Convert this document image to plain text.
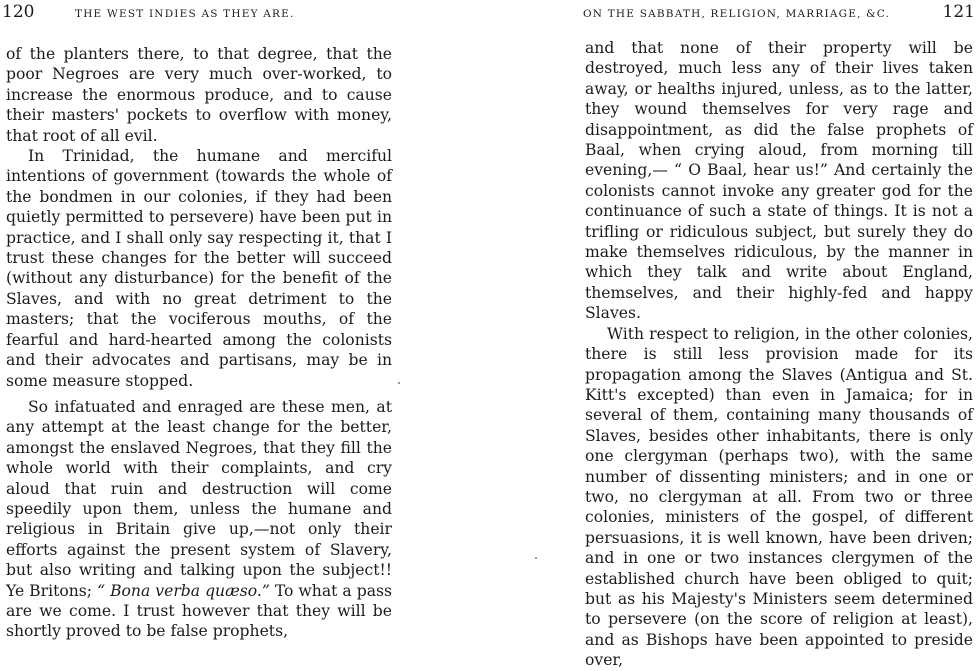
120	THE WEST INDIES AS THEY ARE.

of the planters there, to that degree, that the poor Negroes are very much over-worked, to increase the enormous produce, and to cause their masters' pockets to overflow with money, that root of all evil.

In Trinidad, the humane and merciful intentions of government (towards the whole of the bondmen in our colonies, if they had been quietly permitted to persevere) have been put in practice, and I shall only say respecting it, that I trust these changes for the better will succeed (without any disturbance) for the benefit of the Slaves, and with no great detriment to the masters; that the vociferous mouths, of the fearful and hard-hearted among the colonists and their advocates and partisans, may be in some measure stopped.

So infatuated and enraged are these men, at any attempt at the least change for the better, amongst the enslaved Negroes, that they fill the whole world with their complaints, and cry aloud that ruin and destruction will come speedily upon them, unless the humane and religious in Britain give up,—not only their efforts against the present system of Slavery, but also writing and talking upon the subject!! Ye Britons; “ Bona verba quæso.” To what a pass are we come. I trust however that they will be shortly proved to be false prophets,

ON THE SABBATH, RELIGION, MARRIAGE, &C.	121

and that none of their property will be destroyed, much less any of their lives taken away, or healths injured, unless, as to the latter, they wound themselves for very rage and disappointment, as did the false prophets of Baal, when crying aloud, from morning till evening,— “ O Baal, hear us!” And certainly the colonists cannot invoke any greater god for the continuance of such a state of things. It is not a trifling or ridiculous subject, but surely they do make themselves ridiculous, by the manner in which they talk and write about England, themselves, and their highly-fed and happy Slaves.

With respect to religion, in the other colonies, there is still less provision made for its propagation among the Slaves (Antigua and St. Kitt's excepted) than even in Jamaica; for in several of them, containing many thousands of Slaves, besides other inhabitants, there is only one clergyman (perhaps two), with the same number of dissenting ministers; and in one or two, no clergyman at all. From two or three colonies, ministers of the gospel, of different persuasions, it is well known, have been driven; and in one or two instances clergymen of the established church have been obliged to quit; but as his Majesty's Ministers seem determined to persevere (on the score of religion at least), and as Bishops have been appointed to preside over,
